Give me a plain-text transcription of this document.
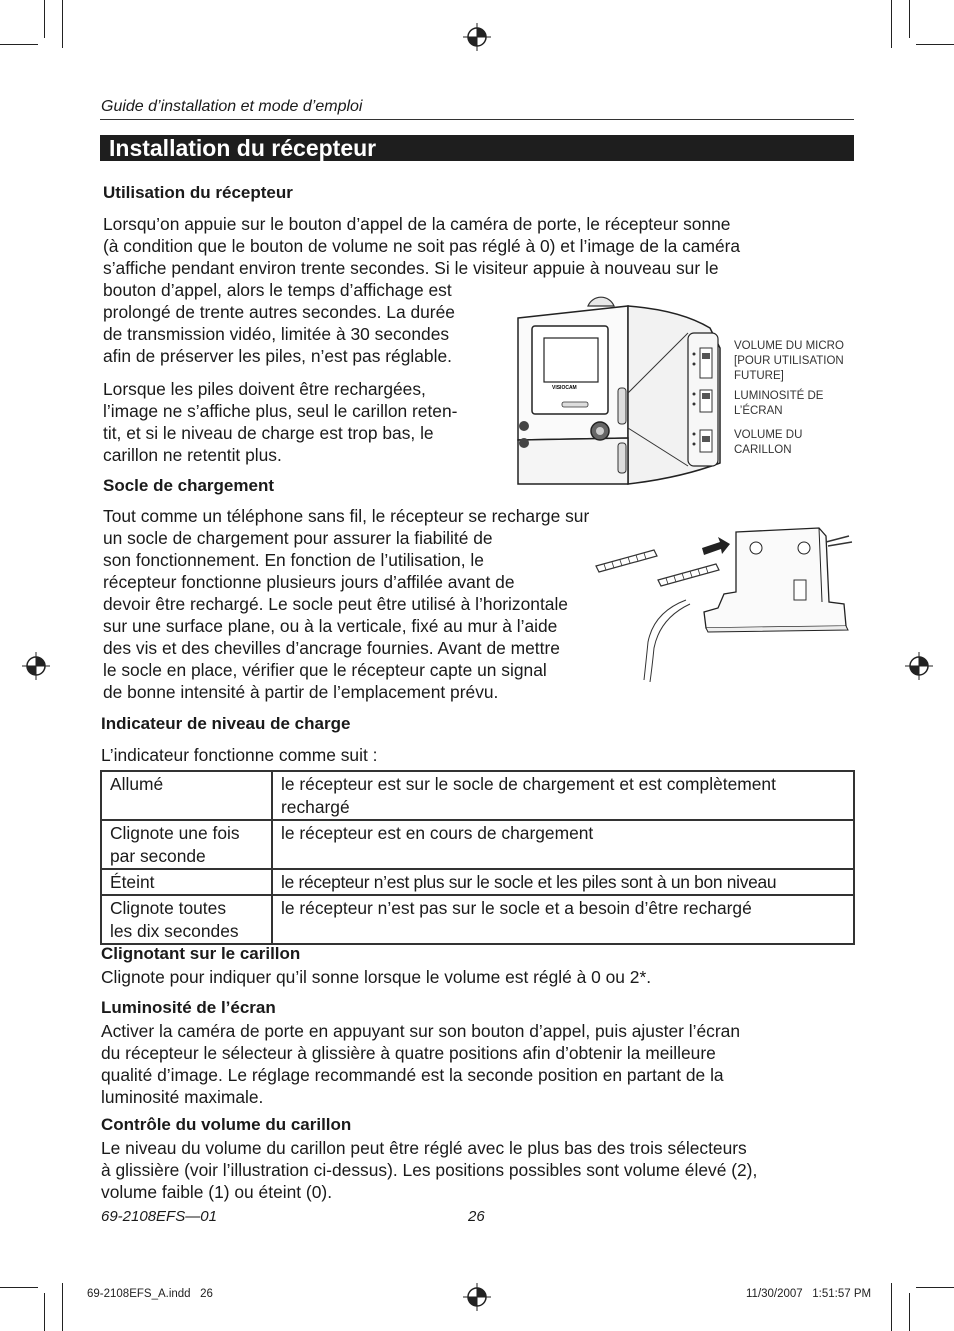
Guide d’installation et mode d’emploi
Installation du récepteur
Utilisation du récepteur
Lorsqu’on appuie sur le bouton d’appel de la caméra de porte, le récepteur sonne
(à condition que le bouton de volume ne soit pas réglé à 0) et l’image de la caméra
s’affiche pendant environ trente secondes. Si le visiteur appuie à nouveau sur le
bouton d’appel, alors le temps d’affichage est
prolongé de trente autres secondes. La durée
de transmission vidéo, limitée à 30 secondes
afin de préserver les piles, n’est pas réglable.
Lorsque les piles doivent être rechargées,
l’image ne s’affiche plus, seul le carillon reten-
tit, et si le niveau de charge est trop bas, le
carillon ne retentit plus.
VISIOCAM
VOLUME DU MICRO
[POUR UTILISATION
FUTURE]
LUMINOSITÉ DE
L’ÉCRAN
VOLUME DU
CARILLON
Socle de chargement
Tout comme un téléphone sans fil, le récepteur se recharge sur
un socle de chargement pour assurer la fiabilité de
son fonctionnement. En fonction de l’utilisation, le
récepteur fonctionne plusieurs jours d’affilée avant de
devoir être rechargé. Le socle peut être utilisé à l’horizontale
sur une surface plane, ou à la verticale, fixé au mur à l’aide
des vis et des chevilles d’ancrage fournies. Avant de mettre
le socle en place, vérifier que le récepteur capte un signal
de bonne intensité à partir de l’emplacement prévu.
Indicateur de niveau de charge
L’indicateur fonctionne comme suit :
Allumé	le récepteur est sur le socle de chargement et est complètement
rechargé

Clignote une fois
par seconde	le récepteur est en cours de chargement

Éteint	le récepteur n’est plus sur le socle et les piles sont à un bon niveau

Clignote toutes
les dix secondes	le récepteur n’est pas sur le socle et a besoin d’être rechargé
Clignotant sur le carillon
Clignote pour indiquer qu’il sonne lorsque le volume est réglé à 0 ou 2*.
Luminosité de l’écran
Activer la caméra de porte en appuyant sur son bouton d’appel, puis ajuster l’écran
du récepteur le sélecteur à glissière à quatre positions afin d’obtenir la meilleure
qualité d’image. Le réglage recommandé est la seconde position en partant de la
luminosité maximale.
Contrôle du volume du carillon
Le niveau du volume du carillon peut être réglé avec le plus bas des trois sélecteurs
à glissière (voir l’illustration ci-dessus). Les positions possibles sont volume élevé (2),
volume faible (1) ou éteint (0).
69-2108EFS—01	26
69-2108EFS_A.indd   26	11/30/2007   1:51:57 PM
